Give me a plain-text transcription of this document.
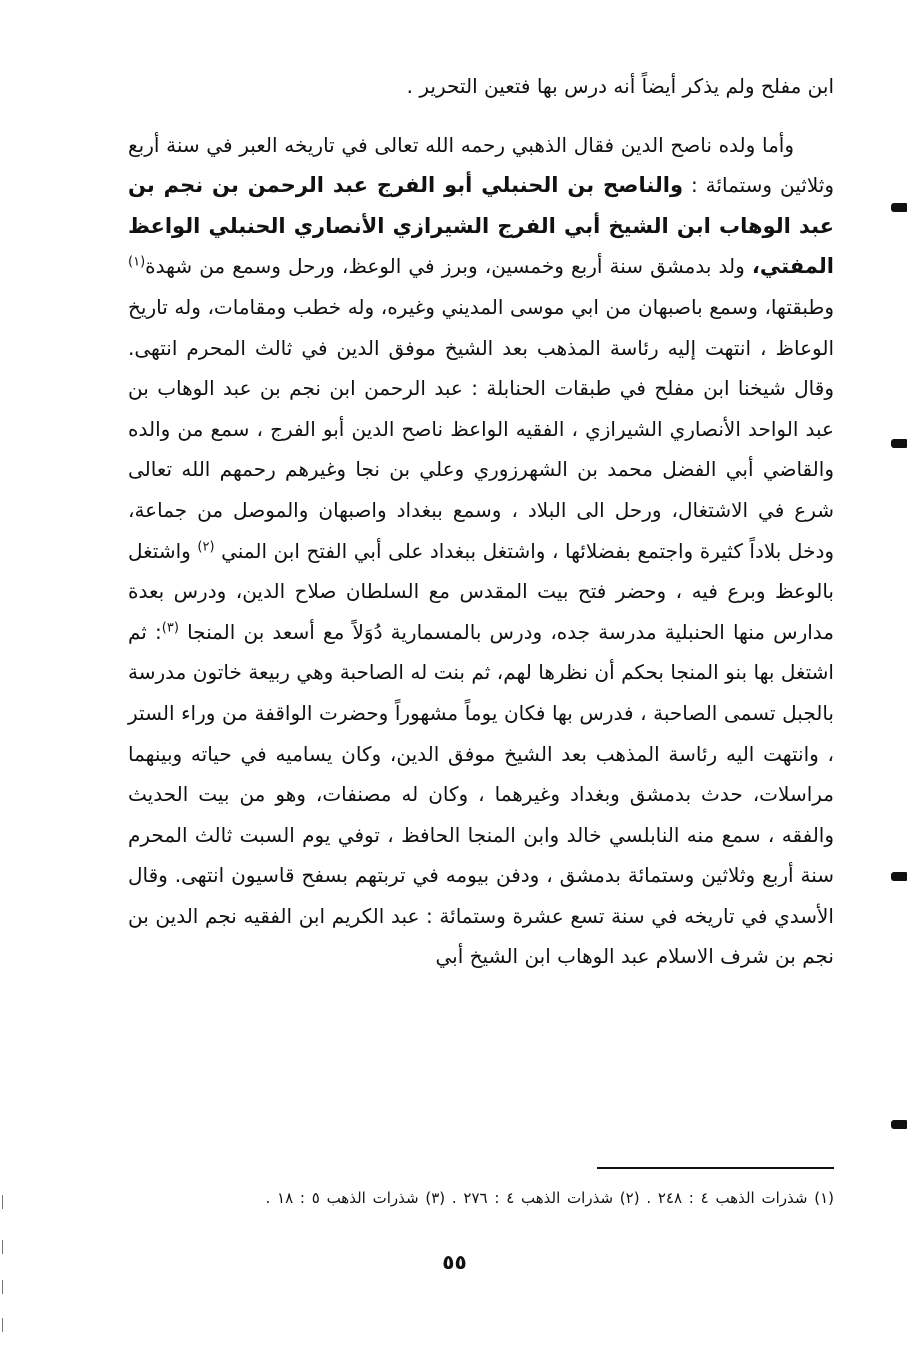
ابن مفلح ولم يذكر أيضاً أنه درس بها فتعين التحرير .

وأما ولده ناصح الدين فقال الذهبي رحمه الله تعالى في تاريخه العبر في سنة أربع وثلاثين وستمائة : والناصح بن الحنبلي أبو الفرج عبد الرحمن بن نجم بن عبد الوهاب ابن الشيخ أبي الفرج الشيرازي الأنصاري الحنبلي الواعظ المفتي، ولد بدمشق سنة أربع وخمسين، وبرز في الوعظ، ورحل وسمع من شهدة$^{(١)}$ وطبقتها، وسمع باصبهان من ابي موسى المديني وغيره، وله خطب ومقامات، وله تاريخ الوعاظ ، انتهت إليه رئاسة المذهب بعد الشيخ موفق الدين في ثالث المحرم انتهى. وقال شيخنا ابن مفلح في طبقات الحنابلة : عبد الرحمن ابن نجم بن عبد الوهاب بن عبد الواحد الأنصاري الشيرازي ، الفقيه الواعظ ناصح الدين أبو الفرج ، سمع من والده والقاضي أبي الفضل محمد بن الشهرزوري وعلي بن نجا وغيرهم رحمهم الله تعالى شرع في الاشتغال، ورحل الى البلاد ، وسمع ببغداد واصبهان والموصل من جماعة، ودخل بلاداً كثيرة واجتمع بفضلائها ، واشتغل ببغداد على أبي الفتح ابن المني $^{(٢)}$ واشتغل بالوعظ وبرع فيه ، وحضر فتح بيت المقدس مع السلطان صلاح الدين، ودرس بعدة مدارس منها الحنبلية مدرسة جده، ودرس بالمسمارية دُوَلاً مع أسعد بن المنجا $^{(٣)}$: ثم اشتغل بها بنو المنجا بحكم أن نظرها لهم، ثم بنت له الصاحبة وهي ربيعة خاتون مدرسة بالجبل تسمى الصاحبة ، فدرس بها فكان يوماً مشهوراً وحضرت الواقفة من وراء الستر ، وانتهت اليه رئاسة المذهب بعد الشيخ موفق الدين، وكان يساميه في حياته وبينهما مراسلات، حدث بدمشق وبغداد وغيرهما ، وكان له مصنفات، وهو من بيت الحديث والفقه ، سمع منه النابلسي خالد وابن المنجا الحافظ ، توفي يوم السبت ثالث المحرم سنة أربع وثلاثين وستمائة بدمشق ، ودفن بيومه في تربتهم بسفح قاسيون انتهى. وقال الأسدي في تاريخه في سنة تسع عشرة وستمائة : عبد الكريم ابن الفقيه نجم الدين بن نجم بن شرف الاسلام عبد الوهاب ابن الشيخ أبي

(١) شذرات الذهب ٤ : ٢٤٨ . (٢) شذرات الذهب ٤ : ٢٧٦ . (٣) شذرات الذهب ٥ : ١٨ .
٥٥
